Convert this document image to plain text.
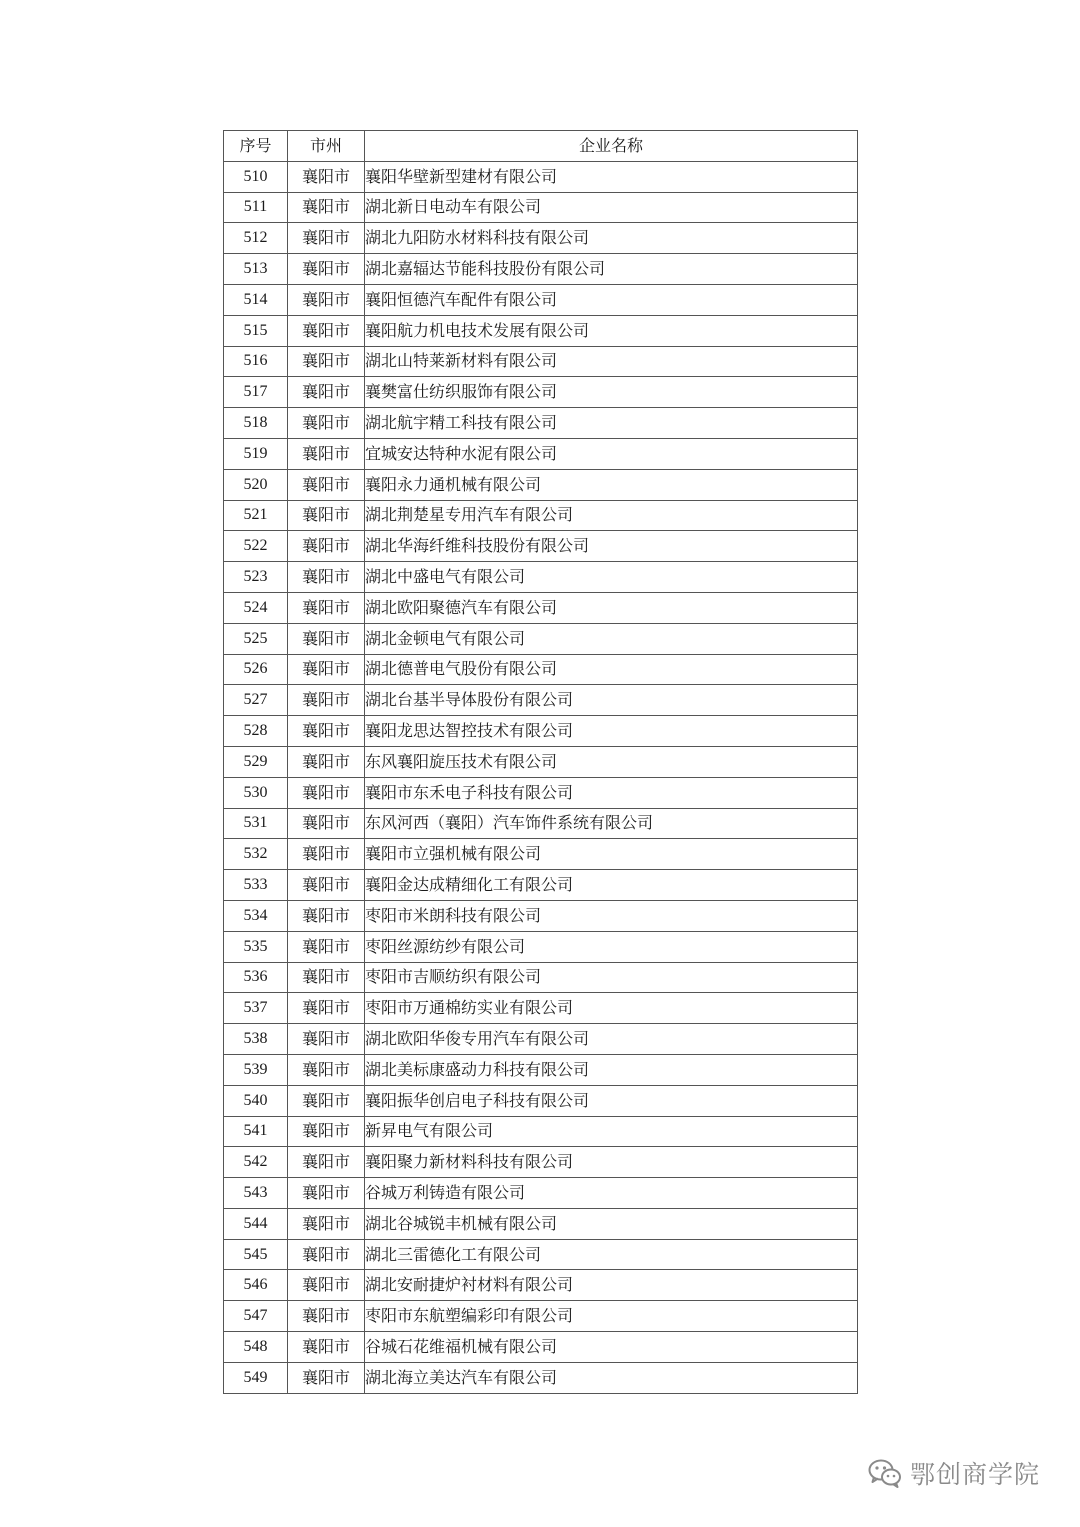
序号	市州	企业名称
510	襄阳市	襄阳华壁新型建材有限公司
511	襄阳市	湖北新日电动车有限公司
512	襄阳市	湖北九阳防水材料科技有限公司
513	襄阳市	湖北嘉辐达节能科技股份有限公司
514	襄阳市	襄阳恒德汽车配件有限公司
515	襄阳市	襄阳航力机电技术发展有限公司
516	襄阳市	湖北山特莱新材料有限公司
517	襄阳市	襄樊富仕纺织服饰有限公司
518	襄阳市	湖北航宇精工科技有限公司
519	襄阳市	宜城安达特种水泥有限公司
520	襄阳市	襄阳永力通机械有限公司
521	襄阳市	湖北荆楚星专用汽车有限公司
522	襄阳市	湖北华海纤维科技股份有限公司
523	襄阳市	湖北中盛电气有限公司
524	襄阳市	湖北欧阳聚德汽车有限公司
525	襄阳市	湖北金顿电气有限公司
526	襄阳市	湖北德普电气股份有限公司
527	襄阳市	湖北台基半导体股份有限公司
528	襄阳市	襄阳龙思达智控技术有限公司
529	襄阳市	东风襄阳旋压技术有限公司
530	襄阳市	襄阳市东禾电子科技有限公司
531	襄阳市	东风河西（襄阳）汽车饰件系统有限公司
532	襄阳市	襄阳市立强机械有限公司
533	襄阳市	襄阳金达成精细化工有限公司
534	襄阳市	枣阳市米朗科技有限公司
535	襄阳市	枣阳丝源纺纱有限公司
536	襄阳市	枣阳市吉顺纺织有限公司
537	襄阳市	枣阳市万通棉纺实业有限公司
538	襄阳市	湖北欧阳华俊专用汽车有限公司
539	襄阳市	湖北美标康盛动力科技有限公司
540	襄阳市	襄阳振华创启电子科技有限公司
541	襄阳市	新昇电气有限公司
542	襄阳市	襄阳聚力新材料科技有限公司
543	襄阳市	谷城万利铸造有限公司
544	襄阳市	湖北谷城锐丰机械有限公司
545	襄阳市	湖北三雷德化工有限公司
546	襄阳市	湖北安耐捷炉衬材料有限公司
547	襄阳市	枣阳市东航塑编彩印有限公司
548	襄阳市	谷城石花维福机械有限公司
549	襄阳市	湖北海立美达汽车有限公司
鄂创商学院
